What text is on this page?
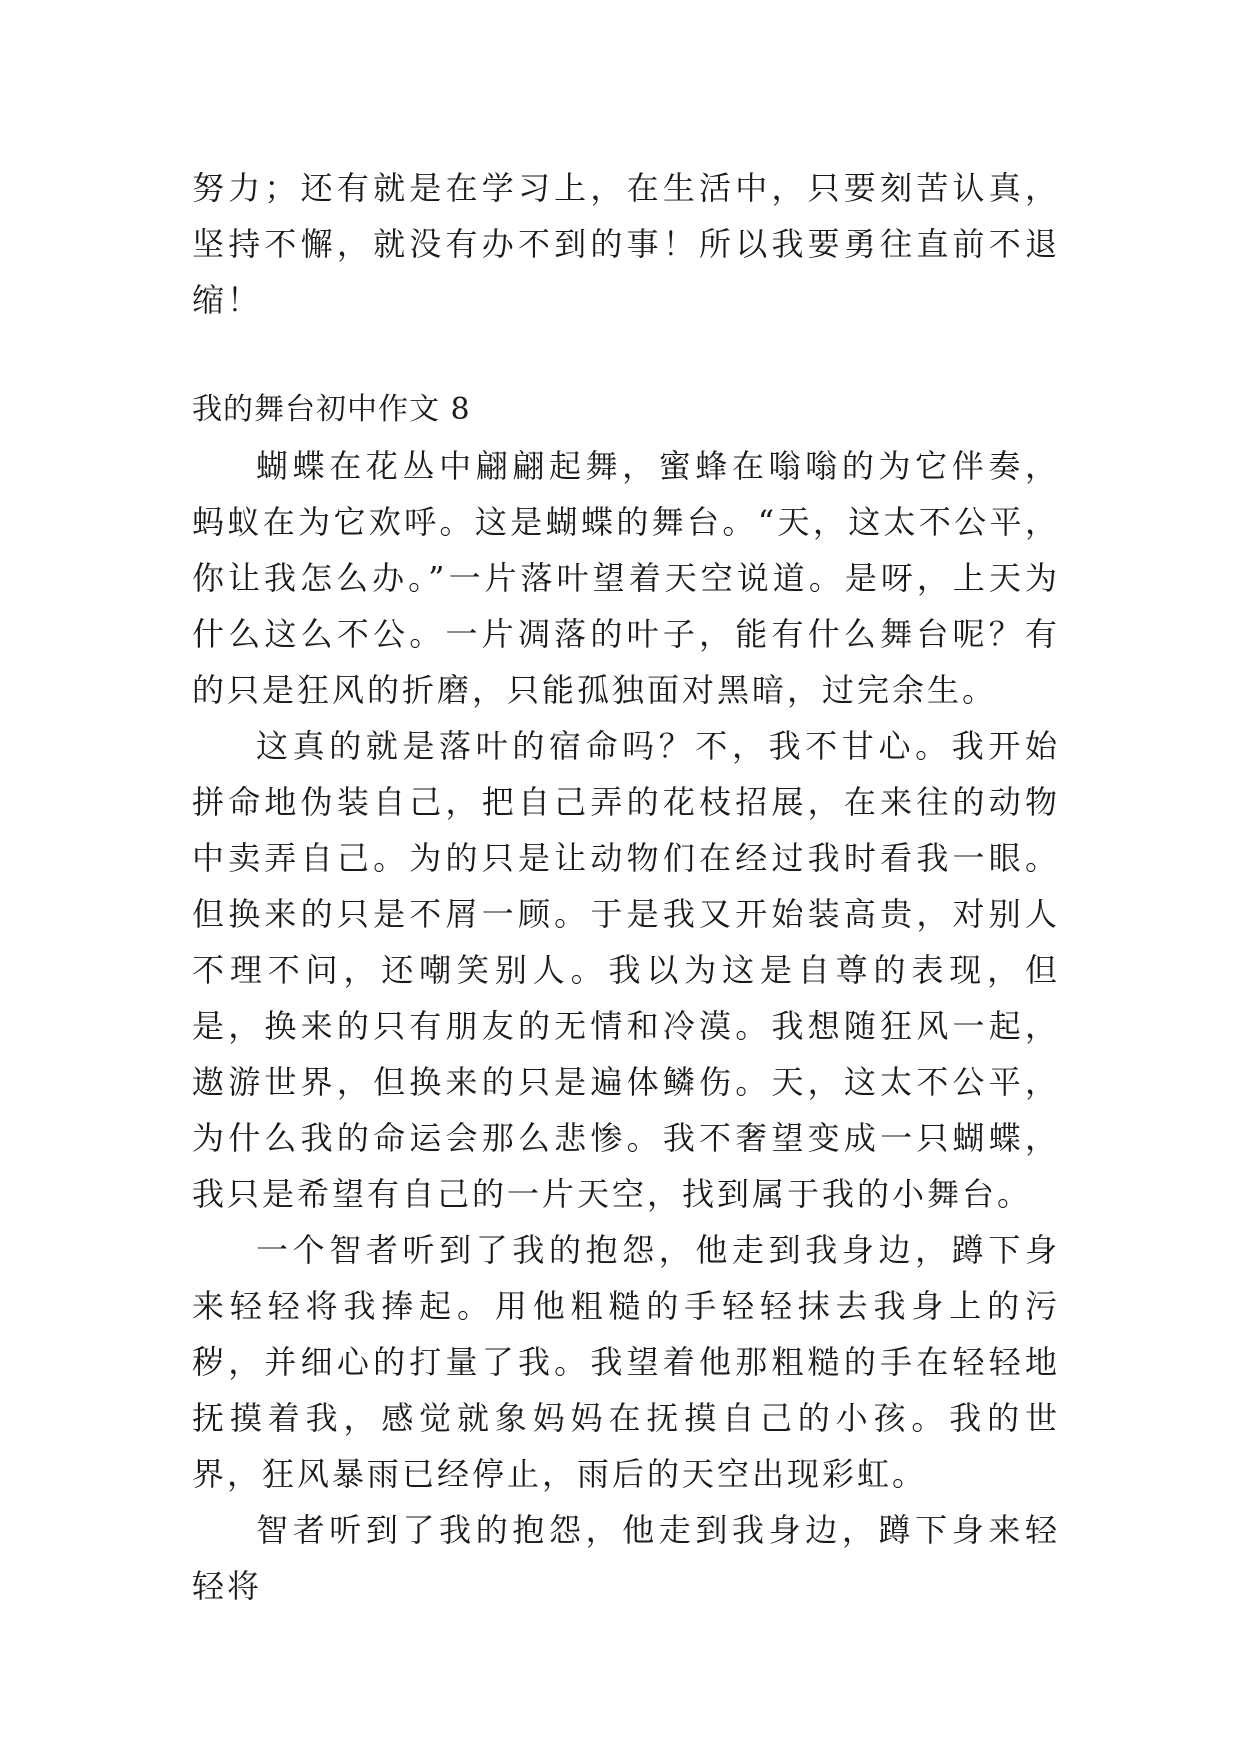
努力；还有就是在学习上，在生活中，只要刻苦认真，坚持不懈，就没有办不到的事！所以我要勇往直前不退缩！

我的舞台初中作文 8

蝴蝶在花丛中翩翩起舞，蜜蜂在嗡嗡的为它伴奏，蚂蚁在为它欢呼。这是蝴蝶的舞台。“天，这太不公平，你让我怎么办。”一片落叶望着天空说道。是呀，上天为什么这么不公。一片凋落的叶子，能有什么舞台呢？有的只是狂风的折磨，只能孤独面对黑暗，过完余生。

这真的就是落叶的宿命吗？不，我不甘心。我开始拼命地伪装自己，把自己弄的花枝招展，在来往的动物中卖弄自己。为的只是让动物们在经过我时看我一眼。但换来的只是不屑一顾。于是我又开始装高贵，对别人不理不问，还嘲笑别人。我以为这是自尊的表现，但是，换来的只有朋友的无情和冷漠。我想随狂风一起，遨游世界，但换来的只是遍体鳞伤。天，这太不公平，为什么我的命运会那么悲惨。我不奢望变成一只蝴蝶，我只是希望有自己的一片天空，找到属于我的小舞台。

一个智者听到了我的抱怨，他走到我身边，蹲下身来轻轻将我捧起。用他粗糙的手轻轻抹去我身上的污秽，并细心的打量了我。我望着他那粗糙的手在轻轻地抚摸着我，感觉就象妈妈在抚摸自己的小孩。我的世界，狂风暴雨已经停止，雨后的天空出现彩虹。

智者听到了我的抱怨，他走到我身边，蹲下身来轻轻将
